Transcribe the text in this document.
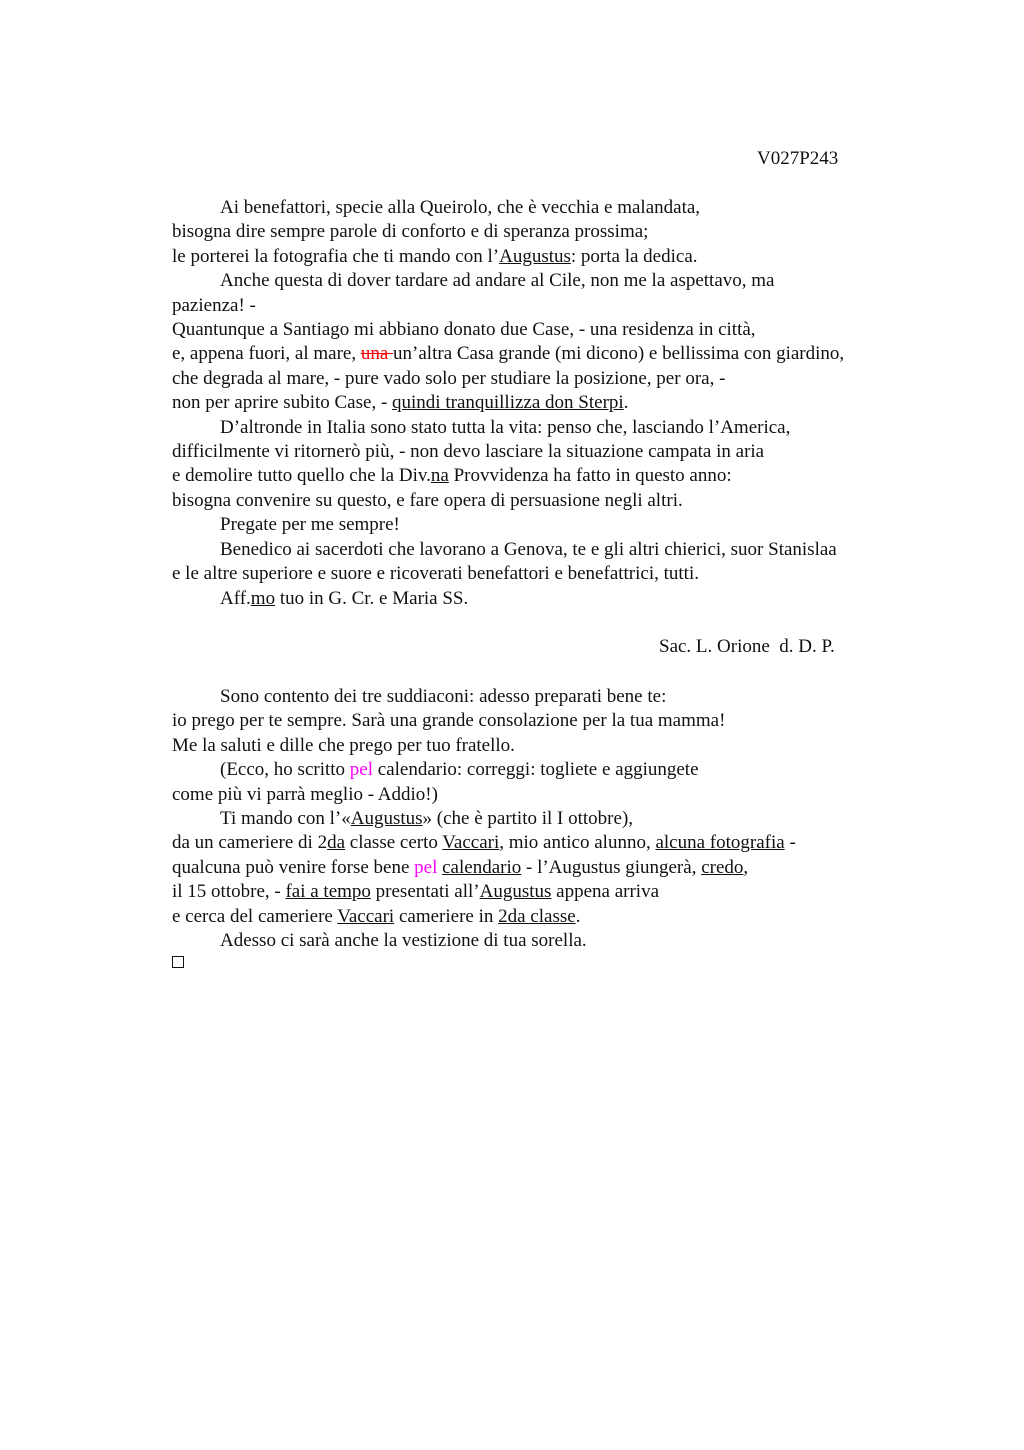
V027P243
Ai benefattori, specie alla Queirolo, che è vecchia e malandata,
bisogna dire sempre parole di conforto e di speranza prossima;
le porterei la fotografia che ti mando con l’Augustus: porta la dedica.
Anche questa di dover tardare ad andare al Cile, non me la aspettavo, ma
pazienza! -
Quantunque a Santiago mi abbiano donato due Case, - una residenza in città,
e, appena fuori, al mare, una un’altra Casa grande (mi dicono) e bellissima con giardino,
che degrada al mare, - pure vado solo per studiare la posizione, per ora, -
non per aprire subito Case, - quindi tranquillizza don Sterpi.
D’altronde in Italia sono stato tutta la vita: penso che, lasciando l’America,
difficilmente vi ritornerò più, - non devo lasciare la situazione campata in aria
e demolire tutto quello che la Div.na Provvidenza ha fatto in questo anno:
bisogna convenire su questo, e fare opera di persuasione negli altri.
Pregate per me sempre!
Benedico ai sacerdoti che lavorano a Genova, te e gli altri chierici, suor Stanislaa
e le altre superiore e suore e ricoverati benefattori e benefattrici, tutti.
Aff.mo tuo in G. Cr. e Maria SS.
Sac. L. Orione  d. D. P.
Sono contento dei tre suddiaconi: adesso preparati bene te:
io prego per te sempre. Sarà una grande consolazione per la tua mamma!
Me la saluti e dille che prego per tuo fratello.
(Ecco, ho scritto pel calendario: correggi: togliete e aggiungete
come più vi parrà meglio - Addio!)
Ti mando con l’«Augustus» (che è partito il I ottobre),
da un cameriere di 2da classe certo Vaccari, mio antico alunno, alcuna fotografia -
qualcuna può venire forse bene pel calendario - l’Augustus giungerà, credo,
il 15 ottobre, - fai a tempo presentati all’Augustus appena arriva
e cerca del cameriere Vaccari cameriere in 2da classe.
Adesso ci sarà anche la vestizione di tua sorella.
